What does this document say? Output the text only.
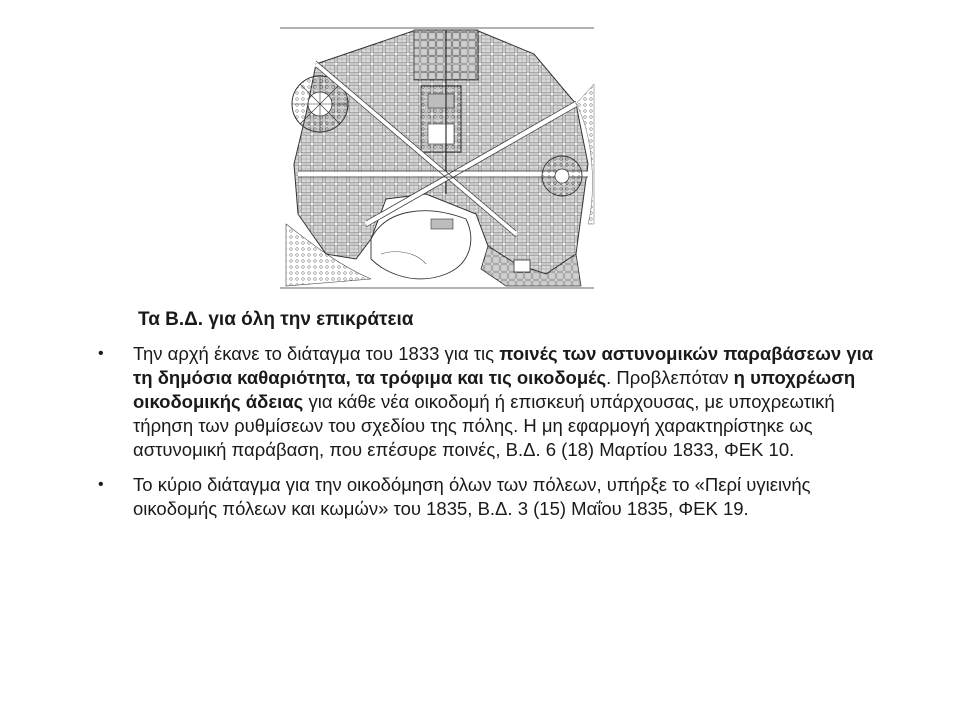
Τα Β.Δ. για όλη την επικράτεια
• Την αρχή έκανε το διάταγμα του 1833 για τις ποινές των αστυνομικών παραβάσεων για τη δημόσια καθαριότητα, τα τρόφιμα και τις οικοδομές. Προβλεπόταν η υποχρέωση οικοδομικής άδειας για κάθε νέα οικοδομή ή επισκευή υπάρχουσας, με υποχρεωτική τήρηση των ρυθμίσεων του σχεδίου της πόλης. Η μη εφαρμογή χαρακτηρίστηκε ως αστυνομική παράβαση, που επέσυρε ποινές, Β.Δ. 6 (18) Μαρτίου 1833, ΦΕΚ 10.
• Το κύριο διάταγμα για την οικοδόμηση όλων των πόλεων, υπήρξε το «Περί υγιεινής οικοδομής πόλεων και κωμών» του 1835, Β.Δ. 3 (15) Μαΐου 1835, ΦΕΚ 19.
